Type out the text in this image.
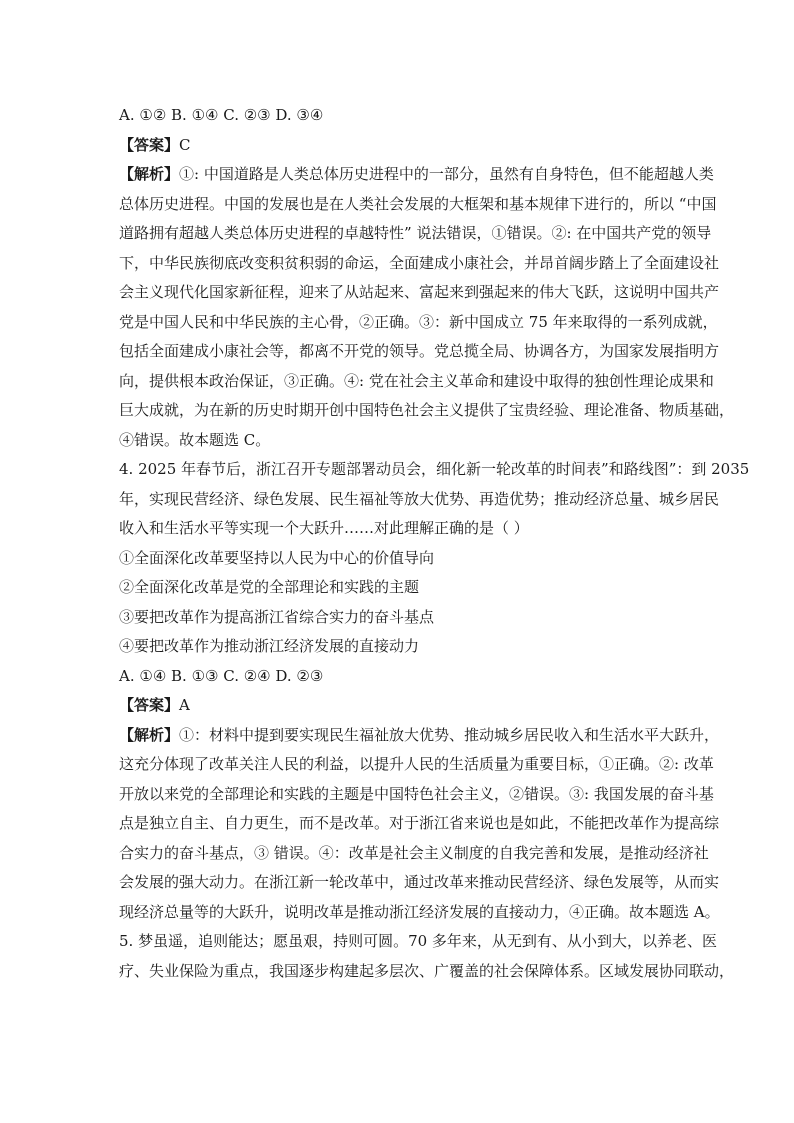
A. ①② B. ①④ C. ②③ D. ③④
【答案】C
【解析】①: 中国道路是人类总体历史进程中的一部分，虽然有自身特色，但不能超越人类
总体历史进程。中国的发展也是在人类社会发展的大框架和基本规律下进行的，所以 “中国
道路拥有超越人类总体历史进程的卓越特性” 说法错误，①错误。②: 在中国共产党的领导
下，中华民族彻底改变积贫积弱的命运，全面建成小康社会，并昂首阔步踏上了全面建设社
会主义现代化国家新征程，迎来了从站起来、富起来到强起来的伟大飞跃，这说明中国共产
党是中国人民和中华民族的主心骨，②正确。③：新中国成立 75 年来取得的一系列成就，
包括全面建成小康社会等，都离不开党的领导。党总揽全局、协调各方，为国家发展指明方
向，提供根本政治保证，③正确。④: 党在社会主义革命和建设中取得的独创性理论成果和
巨大成就，为在新的历史时期开创中国特色社会主义提供了宝贵经验、理论准备、物质基础，
④错误。故本题选 C。
4. 2025 年春节后，浙江召开专题部署动员会，细化新一轮改革的时间表”和路线图”：到 2035
年，实现民营经济、绿色发展、民生福祉等放大优势、再造优势；推动经济总量、城乡居民
收入和生活水平等实现一个大跃升……对此理解正确的是（ ）
①全面深化改革要坚持以人民为中心的价值导向
②全面深化改革是党的全部理论和实践的主题
③要把改革作为提高浙江省综合实力的奋斗基点
④要把改革作为推动浙江经济发展的直接动力
A. ①④ B. ①③ C. ②④ D. ②③
【答案】A
【解析】①：材料中提到要实现民生福祉放大优势、推动城乡居民收入和生活水平大跃升，
这充分体现了改革关注人民的利益，以提升人民的生活质量为重要目标，①正确。②: 改革
开放以来党的全部理论和实践的主题是中国特色社会主义，②错误。③: 我国发展的奋斗基
点是独立自主、自力更生，而不是改革。对于浙江省来说也是如此，不能把改革作为提高综
合实力的奋斗基点，③ 错误。④：改革是社会主义制度的自我完善和发展，是推动经济社
会发展的强大动力。在浙江新一轮改革中，通过改革来推动民营经济、绿色发展等，从而实
现经济总量等的大跃升，说明改革是推动浙江经济发展的直接动力，④正确。故本题选 A。
5. 梦虽遥，追则能达；愿虽艰，持则可圆。70 多年来，从无到有、从小到大，以养老、医
疗、失业保险为重点，我国逐步构建起多层次、广覆盖的社会保障体系。区域发展协同联动，
